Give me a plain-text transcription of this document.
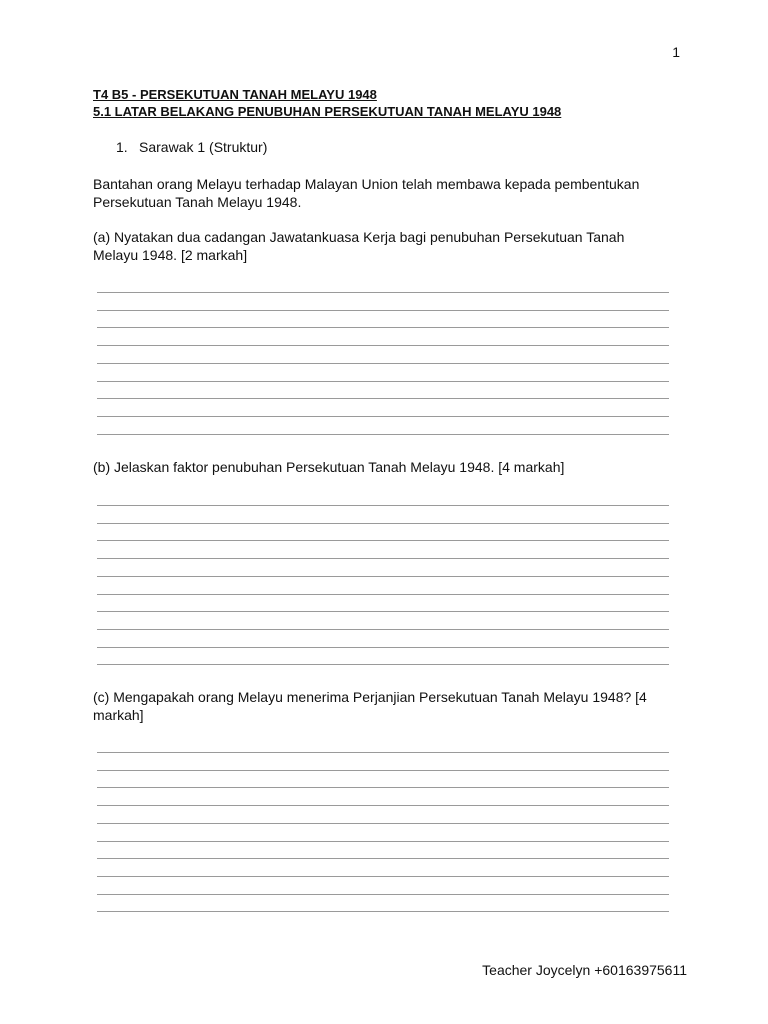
1
T4 B5 - PERSEKUTUAN TANAH MELAYU 1948
5.1 LATAR BELAKANG PENUBUHAN PERSEKUTUAN TANAH MELAYU 1948
1. Sarawak 1 (Struktur)
Bantahan orang Melayu terhadap Malayan Union telah membawa kepada pembentukan Persekutuan Tanah Melayu 1948.
(a) Nyatakan dua cadangan Jawatankuasa Kerja bagi penubuhan Persekutuan Tanah Melayu 1948. [2 markah]
(b) Jelaskan faktor penubuhan Persekutuan Tanah Melayu 1948. [4 markah]
(c) Mengapakah orang Melayu menerima Perjanjian Persekutuan Tanah Melayu 1948? [4 markah]
Teacher Joycelyn +60163975611
